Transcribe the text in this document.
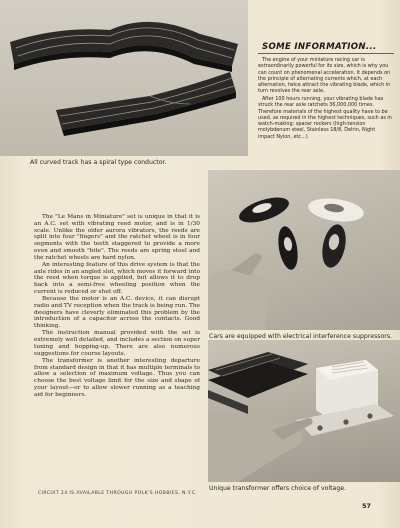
All curved track has a spiral type conductor.
SOME INFORMATION...

The engine of your miniature racing car is extraordinarily powerful for its size, which is why you can count on phenomenal acceleration. It depends on the principle of alternating currents which, at each alternation, twice attract the vibrating blade, which in turn revolves the rear axle.

After 100 hours running, your vibrating blade has struck the rear axle ratchets 36,000,000 times. Therefore materials of the highest quality have to be used, as required in the highest techniques, such as in watch-making: spacer rockers (high-tension molybdenum steel, Stainless 18/8, Delrin, Night impact Nylon, etc...).

Cars are equipped with electrical interference suppressors.

The "Le Mans in Miniature" set is unique in that it is an A.C. set with vibrating reed motor, and is in 1/30 scale. Unlike the older aurora vibrators, the reeds are split into four "fingers" and the ratchet wheel is in four segments with the teeth staggered to provide a more even and smooth "bite". The reeds are spring steel and the ratchet wheels are hard nylon.

An interesting feature of this drive system is that the axle rides in an angled slot, which moves it forward into the reed when torque is applied, but allows it to drop back into a semi-free wheeling position when the current is reduced or shut off.

Because the motor is an A.C. device, it can disrupt radio and TV reception when the track is being run. The designers have cleverly eliminated this problem by the introduction of a capacitor across the contacts. Good thinking.

The instruction manual provided with the set is extremely well detailed, and includes a section on super tuning and hopping-up. There are also numerous suggestions for course layouts.

The transformer is another interesting departure from standard design in that it has multiple terminals to allow a selection of maximum voltage. Thus you can choose the best voltage limit for the size and shape of your layout—or to allow slower running as a teaching aid for beginners.

Unique transformer offers choice of voltage.
CIRCUIT 24 IS AVAILABLE THROUGH POLK'S HOBBIES, N.Y.C.
57
